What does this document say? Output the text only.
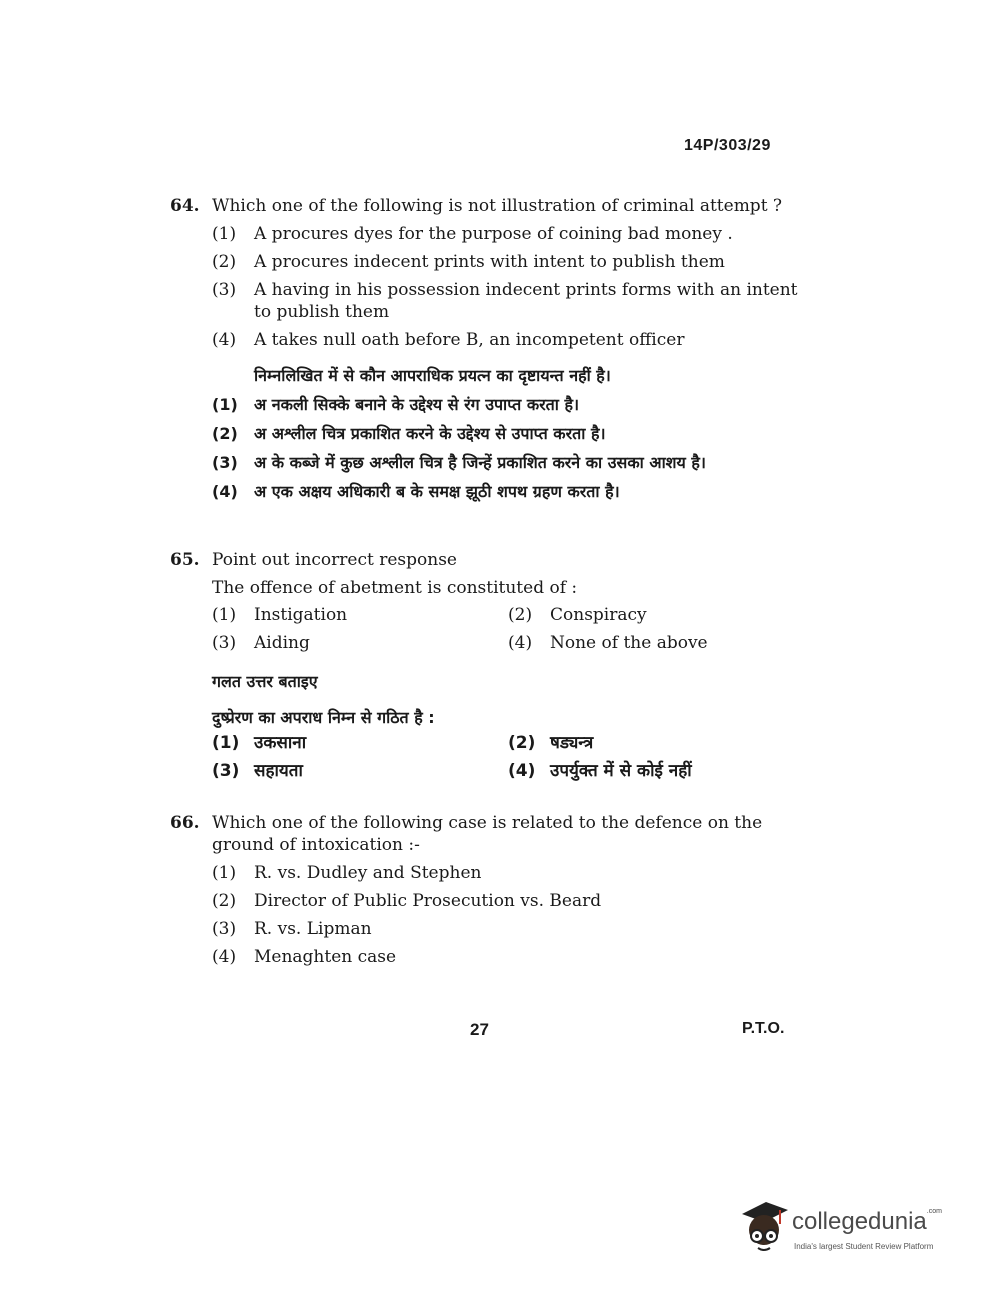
14P/303/29
64. Which one of the following is not illustration of criminal attempt ?
(1)	A procures dyes for the purpose of coining bad money .
(2)	A procures indecent prints with intent to publish them
(3)	A having in his possession indecent prints forms with an intent to publish them
(4)	A takes null oath before B, an incompetent officer
निम्नलिखित में से कौन आपराधिक प्रयत्न का दृष्टायन्त नहीं है।
(1)	अ नकली सिक्के बनाने के उद्देश्य से रंग उपाप्त करता है।
(2)	अ अश्लील चित्र प्रकाशित करने के उद्देश्य से उपाप्त करता है।
(3)	अ के कब्जे में कुछ अश्लील चित्र है जिन्हें प्रकाशित करने का उसका आशय है।
(4)	अ एक अक्षय अधिकारी ब के समक्ष झूठी शपथ ग्रहण करता है।
65. Point out incorrect response
The offence of abetment is constituted of :
(1)	Instigation	(2)	Conspiracy
(3)	Aiding	(4)	None of the above
गलत उत्तर बताइए
दुष्प्रेरण का अपराध निम्न से गठित है :
(1) उकसाना	(2) षड्यन्त्र
(3) सहायता	(4) उपर्युक्त में से कोई नहीं
66. Which one of the following case is related to the defence on the ground of intoxication :-
(1)	R. vs. Dudley and Stephen
(2)	Director of Public Prosecution vs. Beard
(3)	R. vs. Lipman
(4)	Menaghten case
27	P.T.O.
collegedunia$^{.com}$
India's largest Student Review Platform
